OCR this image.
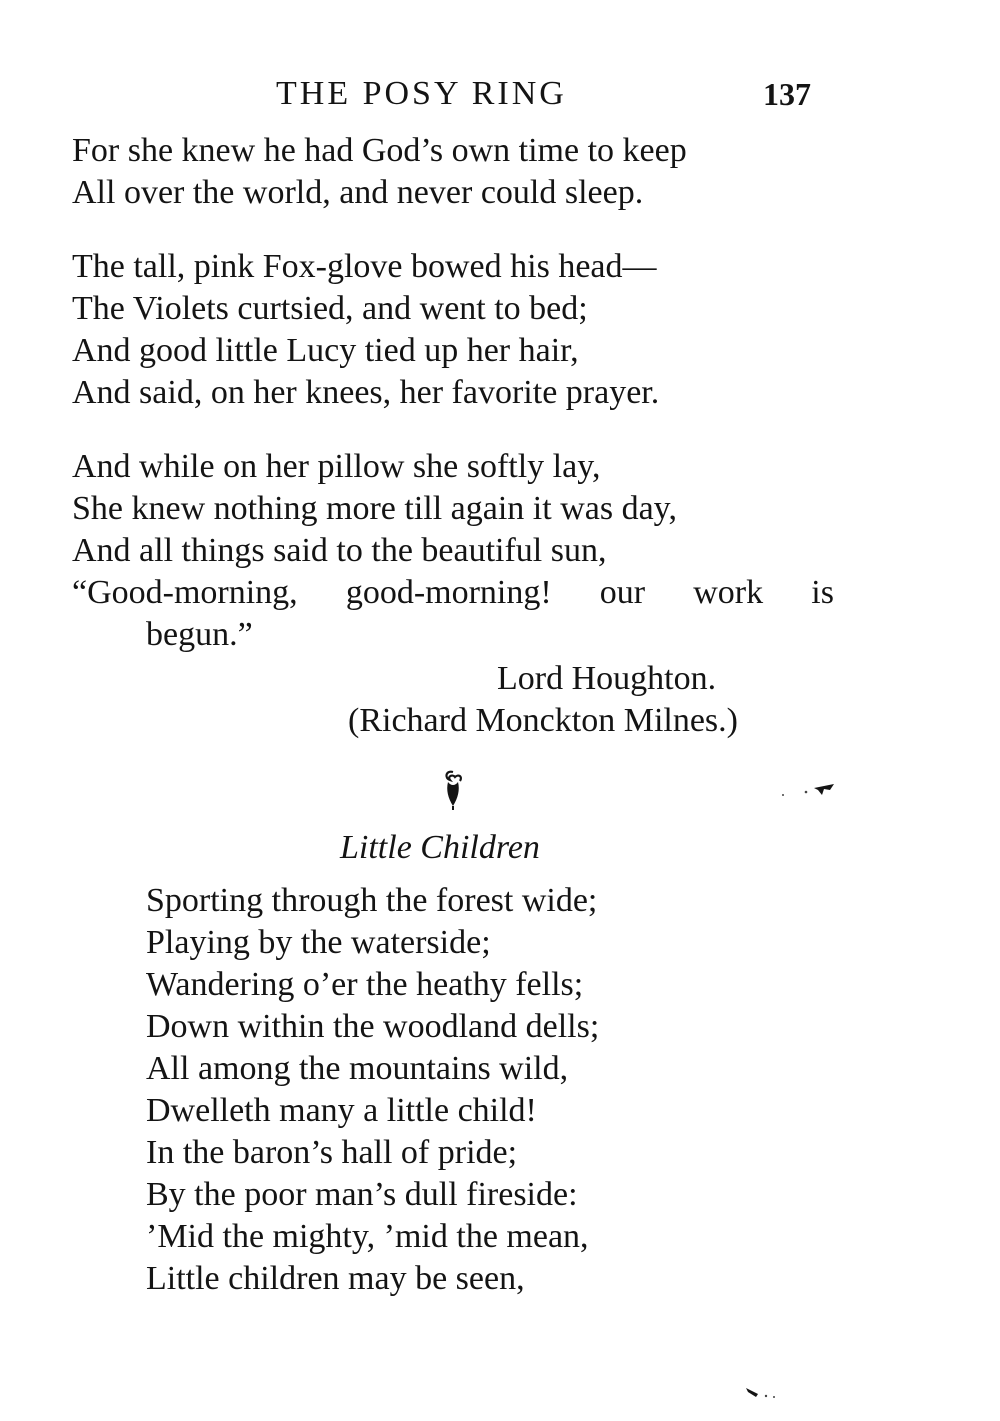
THE POSY RING	137
For she knew he had God’s own time to keep
All over the world, and never could sleep.
The tall, pink Fox-glove bowed his head—
The Violets curtsied, and went to bed;
And good little Lucy tied up her hair,
And said, on her knees, her favorite prayer.
And while on her pillow she softly lay,
She knew nothing more till again it was day,
And all things said to the beautiful sun,
“Good-morning, good-morning! our work is
begun.”
Lord Houghton.
(Richard Monckton Milnes.)
Little Children
Sporting through the forest wide;
Playing by the waterside;
Wandering o’er the heathy fells;
Down within the woodland dells;
All among the mountains wild,
Dwelleth many a little child!
In the baron’s hall of pride;
By the poor man’s dull fireside:
’Mid the mighty, ’mid the mean,
Little children may be seen,
